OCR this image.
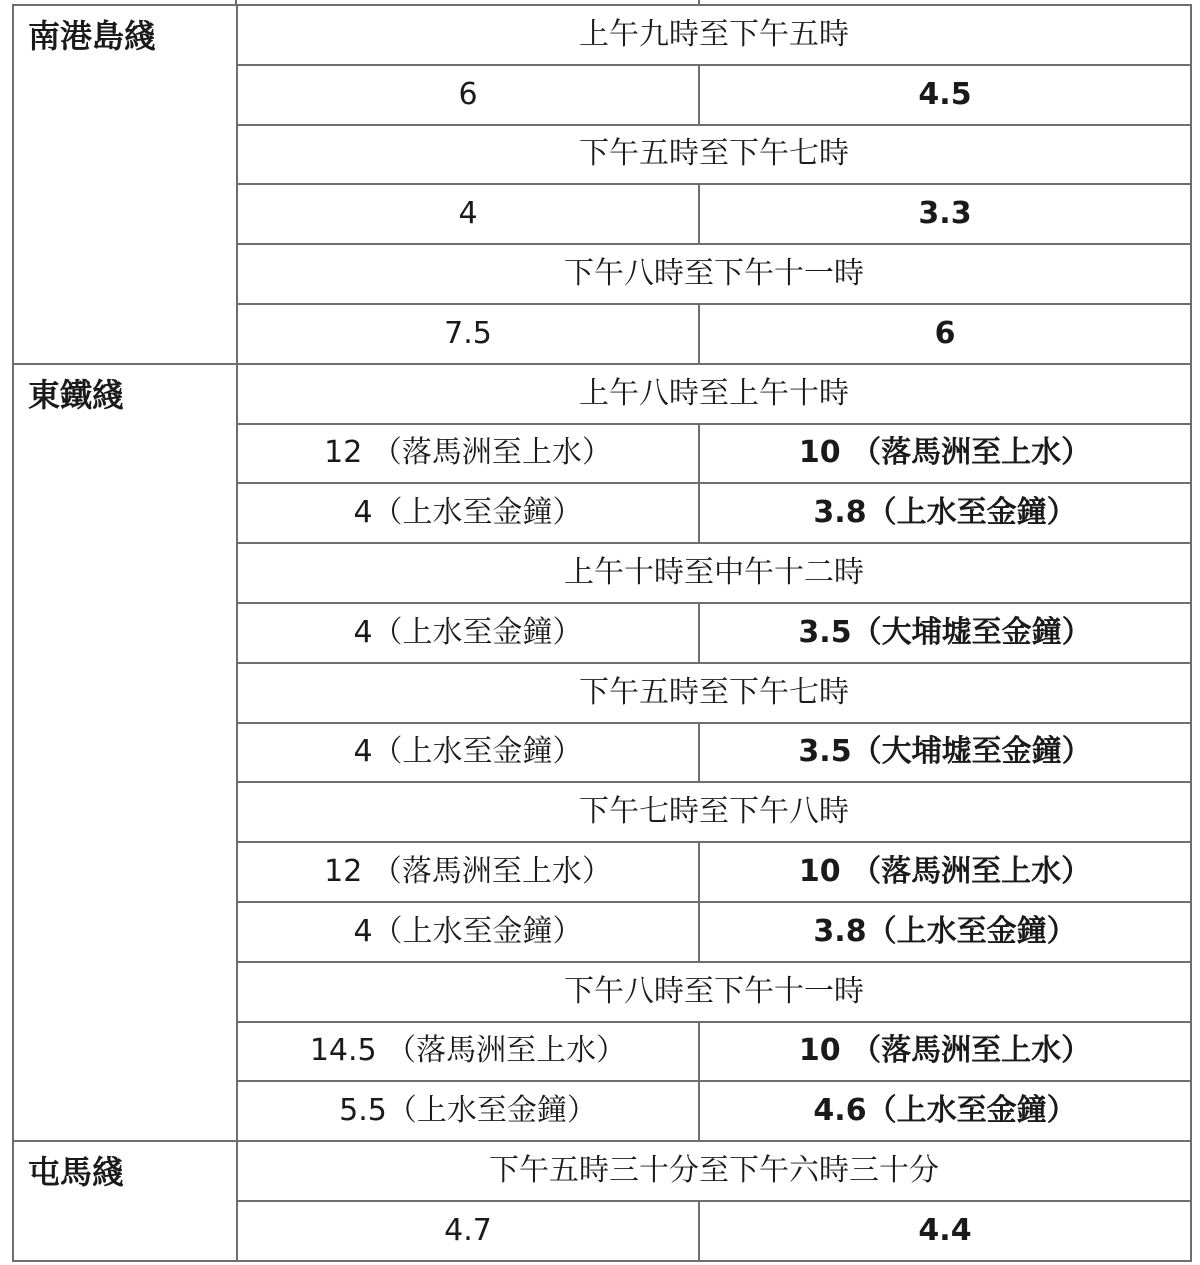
南港島綫	上午九時至下午五時	
	6	4.5
	下午五時至下午七時	
	4	3.3
	下午八時至下午十一時	
	7.5	6
東鐵綫	上午八時至上午十時	
	12 （落馬洲至上水）	10 （落馬洲至上水）
	4（上水至金鐘）	3.8（上水至金鐘）
	上午十時至中午十二時	
	4（上水至金鐘）	3.5（大埔墟至金鐘）
	下午五時至下午七時	
	4（上水至金鐘）	3.5（大埔墟至金鐘）
	下午七時至下午八時	
	12 （落馬洲至上水）	10 （落馬洲至上水）
	4（上水至金鐘）	3.8（上水至金鐘）
	下午八時至下午十一時	
	14.5 （落馬洲至上水）	10 （落馬洲至上水）
	5.5（上水至金鐘）	4.6（上水至金鐘）
屯馬綫	下午五時三十分至下午六時三十分	
	4.7	4.4
